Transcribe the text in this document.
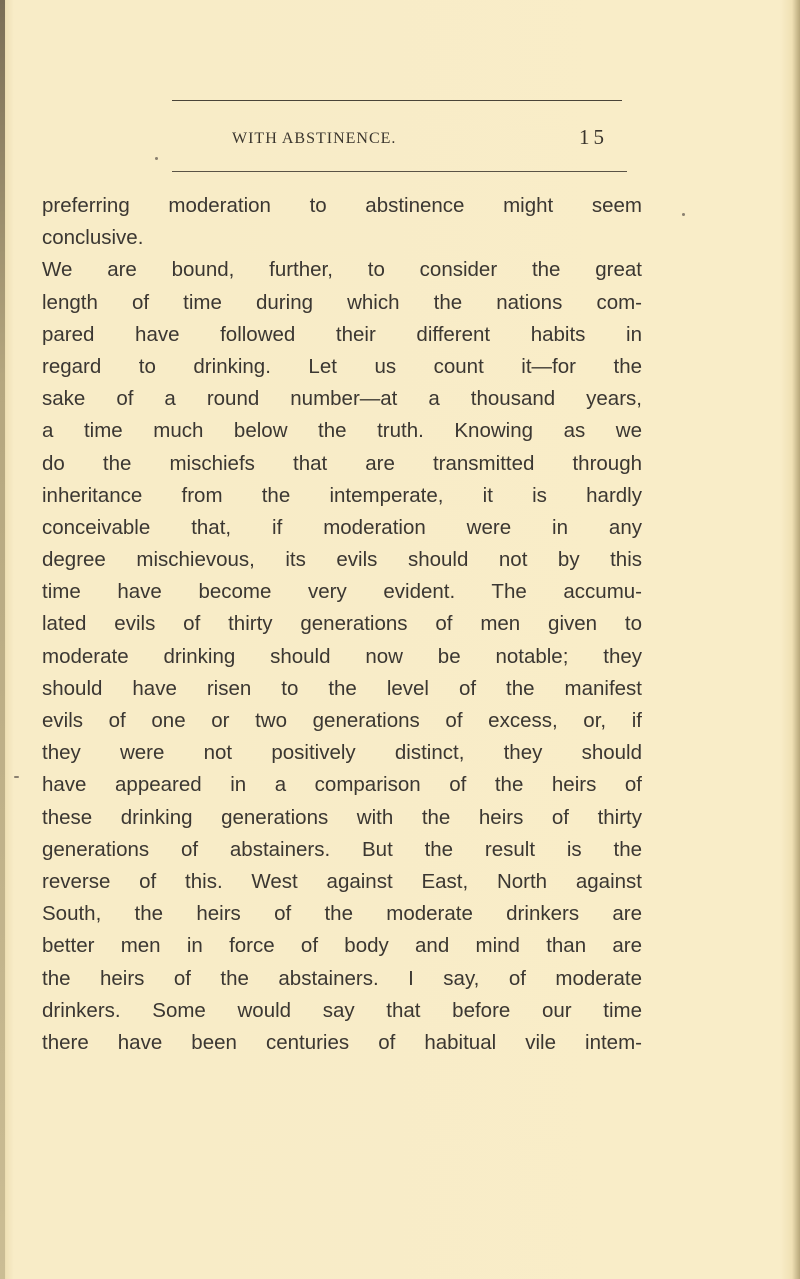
WITH ABSTINENCE.	15
preferring moderation to abstinence might seem
conclusive.
We are bound, further, to consider the great
length of time during which the nations com-
pared have followed their different habits in
regard to drinking. Let us count it—for the
sake of a round number—at a thousand years,
a time much below the truth. Knowing as we
do the mischiefs that are transmitted through
inheritance from the intemperate, it is hardly
conceivable that, if moderation were in any
degree mischievous, its evils should not by this
time have become very evident. The accumu-
lated evils of thirty generations of men given to
moderate drinking should now be notable; they
should have risen to the level of the manifest
evils of one or two generations of excess, or, if
they were not positively distinct, they should
have appeared in a comparison of the heirs of
these drinking generations with the heirs of thirty
generations of abstainers. But the result is the
reverse of this. West against East, North against
South, the heirs of the moderate drinkers are
better men in force of body and mind than are
the heirs of the abstainers. I say, of moderate
drinkers. Some would say that before our time
there have been centuries of habitual vile intem-
